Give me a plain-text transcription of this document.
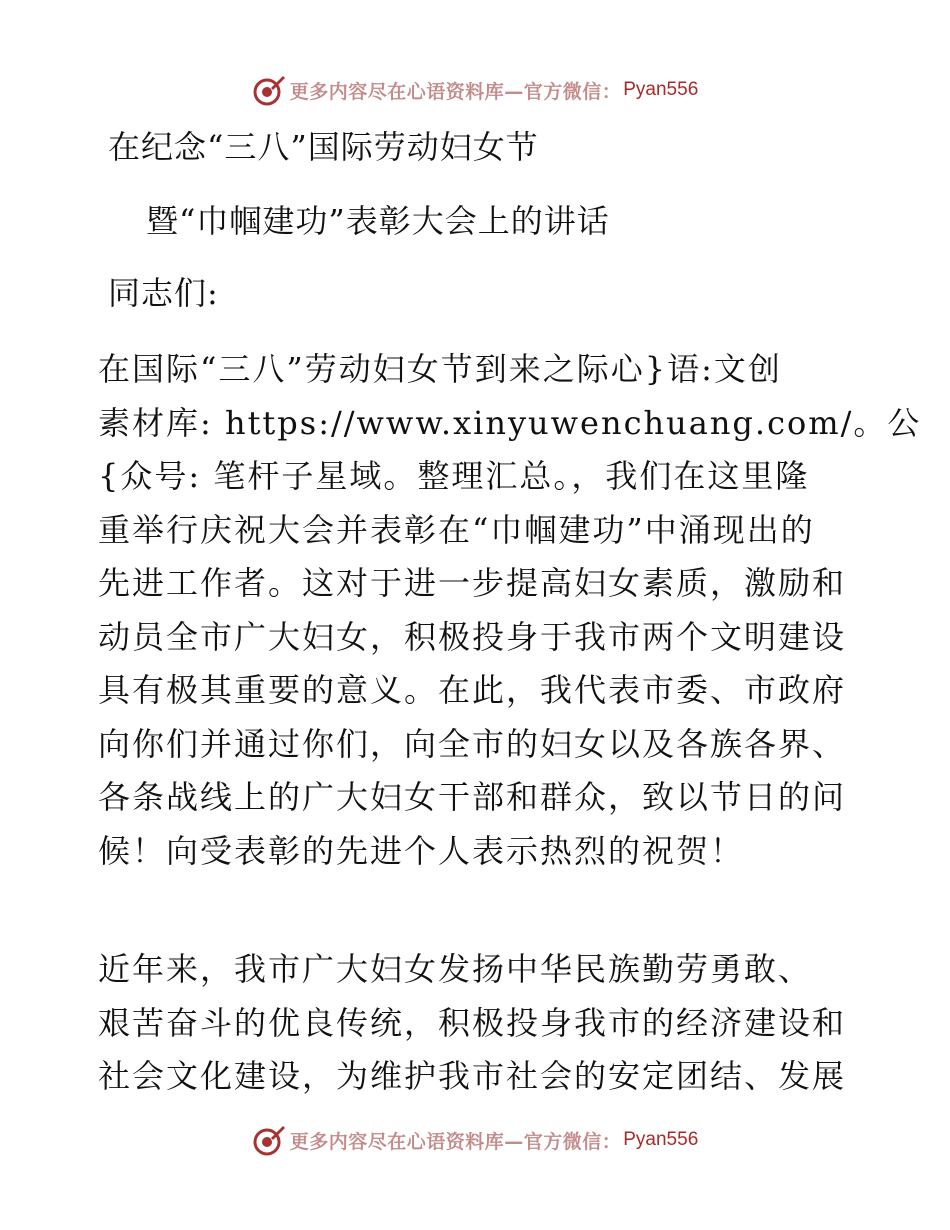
更多内容尽在心语资料库—官方微信： Pyan556
在纪念“三八”国际劳动妇女节
暨“巾帼建功”表彰大会上的讲话
同志们:
在国际“三八”劳动妇女节到来之际心}语:文创
素材库: https://www.xinyuwenchuang.com/。公
{众号: 笔杆子星域。整理汇总。，我们在这里隆
重举行庆祝大会并表彰在“巾帼建功”中涌现出的
先进工作者。这对于进一步提高妇女素质，激励和
动员全市广大妇女，积极投身于我市两个文明建设
具有极其重要的意义。在此，我代表市委、市政府
向你们并通过你们，向全市的妇女以及各族各界、
各条战线上的广大妇女干部和群众，致以节日的问
候！向受表彰的先进个人表示热烈的祝贺！
近年来，我市广大妇女发扬中华民族勤劳勇敢、
艰苦奋斗的优良传统，积极投身我市的经济建设和
社会文化建设，为维护我市社会的安定团结、发展
更多内容尽在心语资料库—官方微信： Pyan556
